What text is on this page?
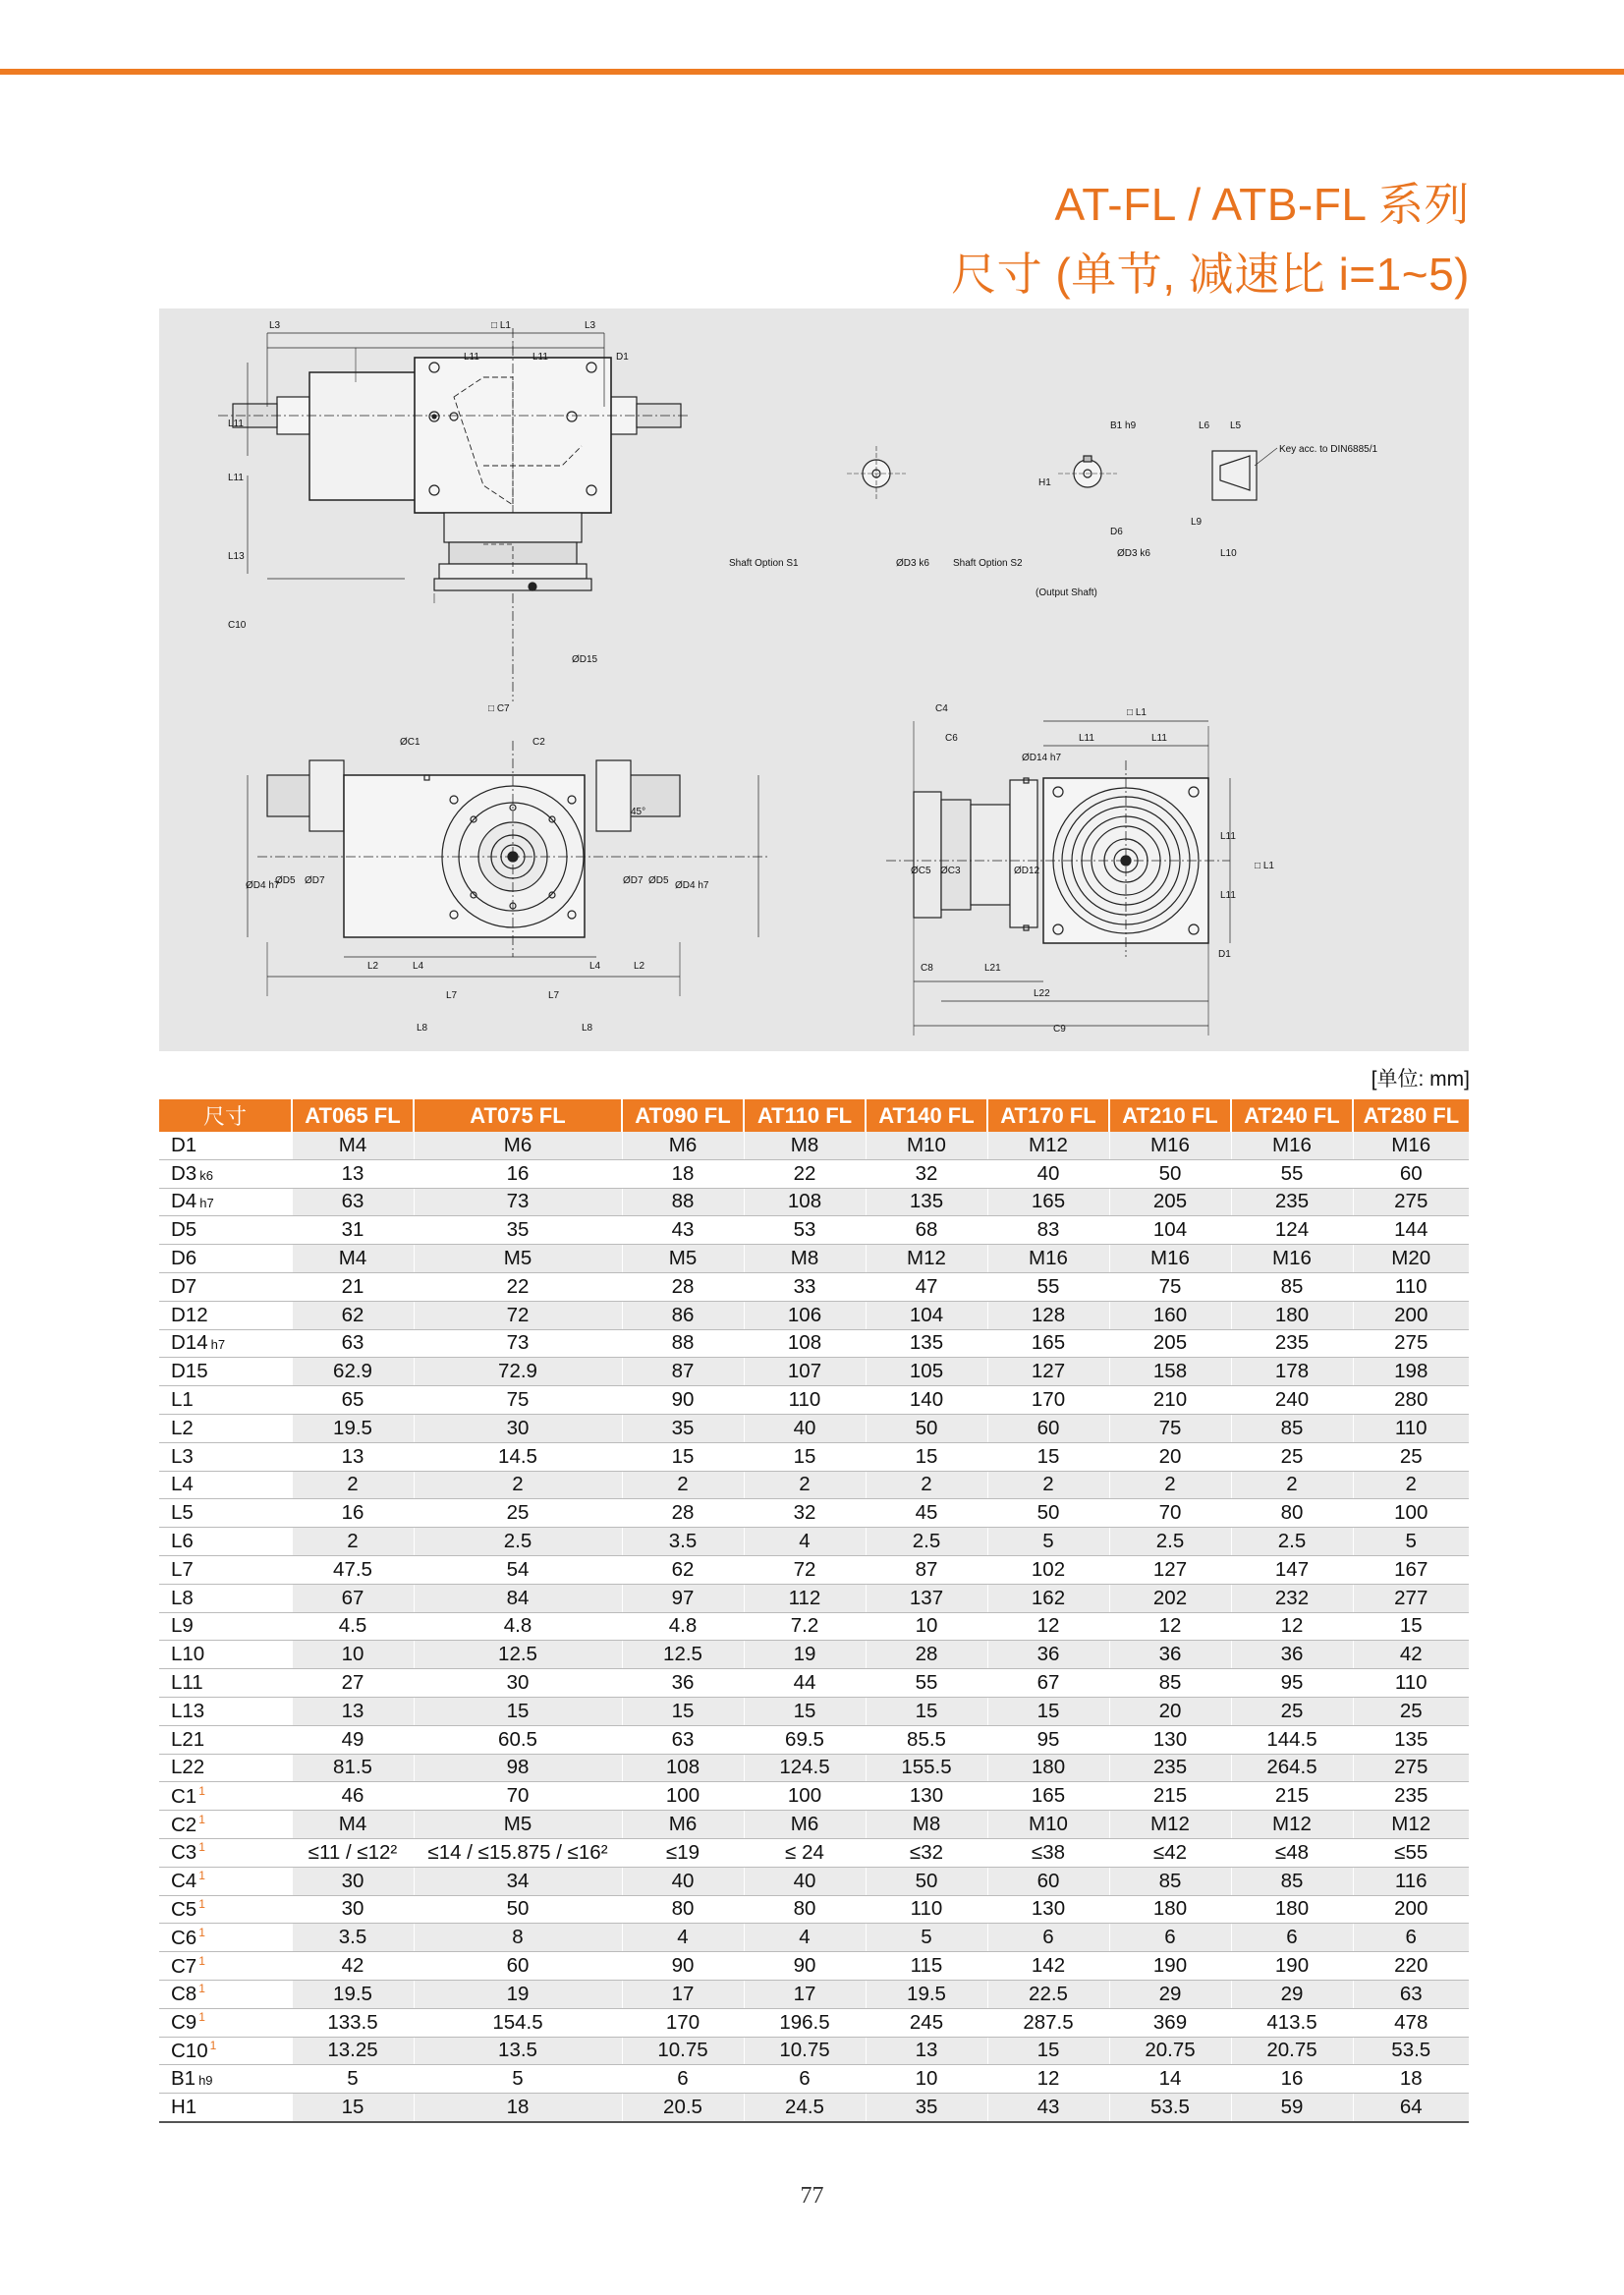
AT-FL / ATB-FL 系列
尺寸 (单节, 减速比 i=1~5)
L3	□ L1	L3
L11	L11	D1
L11
L11
L13
C10
ØD15
□ C7
Shaft Option S1	ØD3 k6 Shaft Option S2
(Output Shaft)
B1 h9
H1
D6
ØD3 k6
L6 L5
L9
L10
Key acc. to DIN6885/1
ØC1	C2
45°
ØD4 h7
ØD5 ØD7	ØD7 ØD5 ØD4 h7
L2	L4	L4	L2
L7	L7
L8	L8
C4
C6
□ L1
L11	L11
ØC5 ØC3	ØD12
ØD14 h7
L11
L11
□ L1
D1
C8	L21
L22
C9
[单位: mm]
尺寸	AT065 FL	AT075 FL	AT090 FL	AT110 FL	AT140 FL	AT170 FL	AT210 FL	AT240 FL	AT280 FL
D1	M4	M6	M6	M8	M10	M12	M16	M16	M16
D3 k6	13	16	18	22	32	40	50	55	60
D4 h7	63	73	88	108	135	165	205	235	275
D5	31	35	43	53	68	83	104	124	144
D6	M4	M5	M5	M8	M12	M16	M16	M16	M20
D7	21	22	28	33	47	55	75	85	110
D12	62	72	86	106	104	128	160	180	200
D14 h7	63	73	88	108	135	165	205	235	275
D15	62.9	72.9	87	107	105	127	158	178	198
L1	65	75	90	110	140	170	210	240	280
L2	19.5	30	35	40	50	60	75	85	110
L3	13	14.5	15	15	15	15	20	25	25
L4	2	2	2	2	2	2	2	2	2
L5	16	25	28	32	45	50	70	80	100
L6	2	2.5	3.5	4	2.5	5	2.5	2.5	5
L7	47.5	54	62	72	87	102	127	147	167
L8	67	84	97	112	137	162	202	232	277
L9	4.5	4.8	4.8	7.2	10	12	12	12	15
L10	10	12.5	12.5	19	28	36	36	36	42
L11	27	30	36	44	55	67	85	95	110
L13	13	15	15	15	15	15	20	25	25
L21	49	60.5	63	69.5	85.5	95	130	144.5	135
L22	81.5	98	108	124.5	155.5	180	235	264.5	275
C1 $^1$	46	70	100	100	130	165	215	215	235
C2 $^1$	M4	M5	M6	M6	M8	M10	M12	M12	M12
C3 $^1$	≤11 / ≤12²	≤14 / ≤15.875 / ≤16²	≤19	≤ 24	≤32	≤38	≤42	≤48	≤55
C4 $^1$	30	34	40	40	50	60	85	85	116
C5 $^1$	30	50	80	80	110	130	180	180	200
C6 $^1$	3.5	8	4	4	5	6	6	6	6
C7 $^1$	42	60	90	90	115	142	190	190	220
C8 $^1$	19.5	19	17	17	19.5	22.5	29	29	63
C9 $^1$	133.5	154.5	170	196.5	245	287.5	369	413.5	478
C10 $^1$	13.25	13.5	10.75	10.75	13	15	20.75	20.75	53.5
B1 h9	5	5	6	6	10	12	14	16	18
H1	15	18	20.5	24.5	35	43	53.5	59	64
77
